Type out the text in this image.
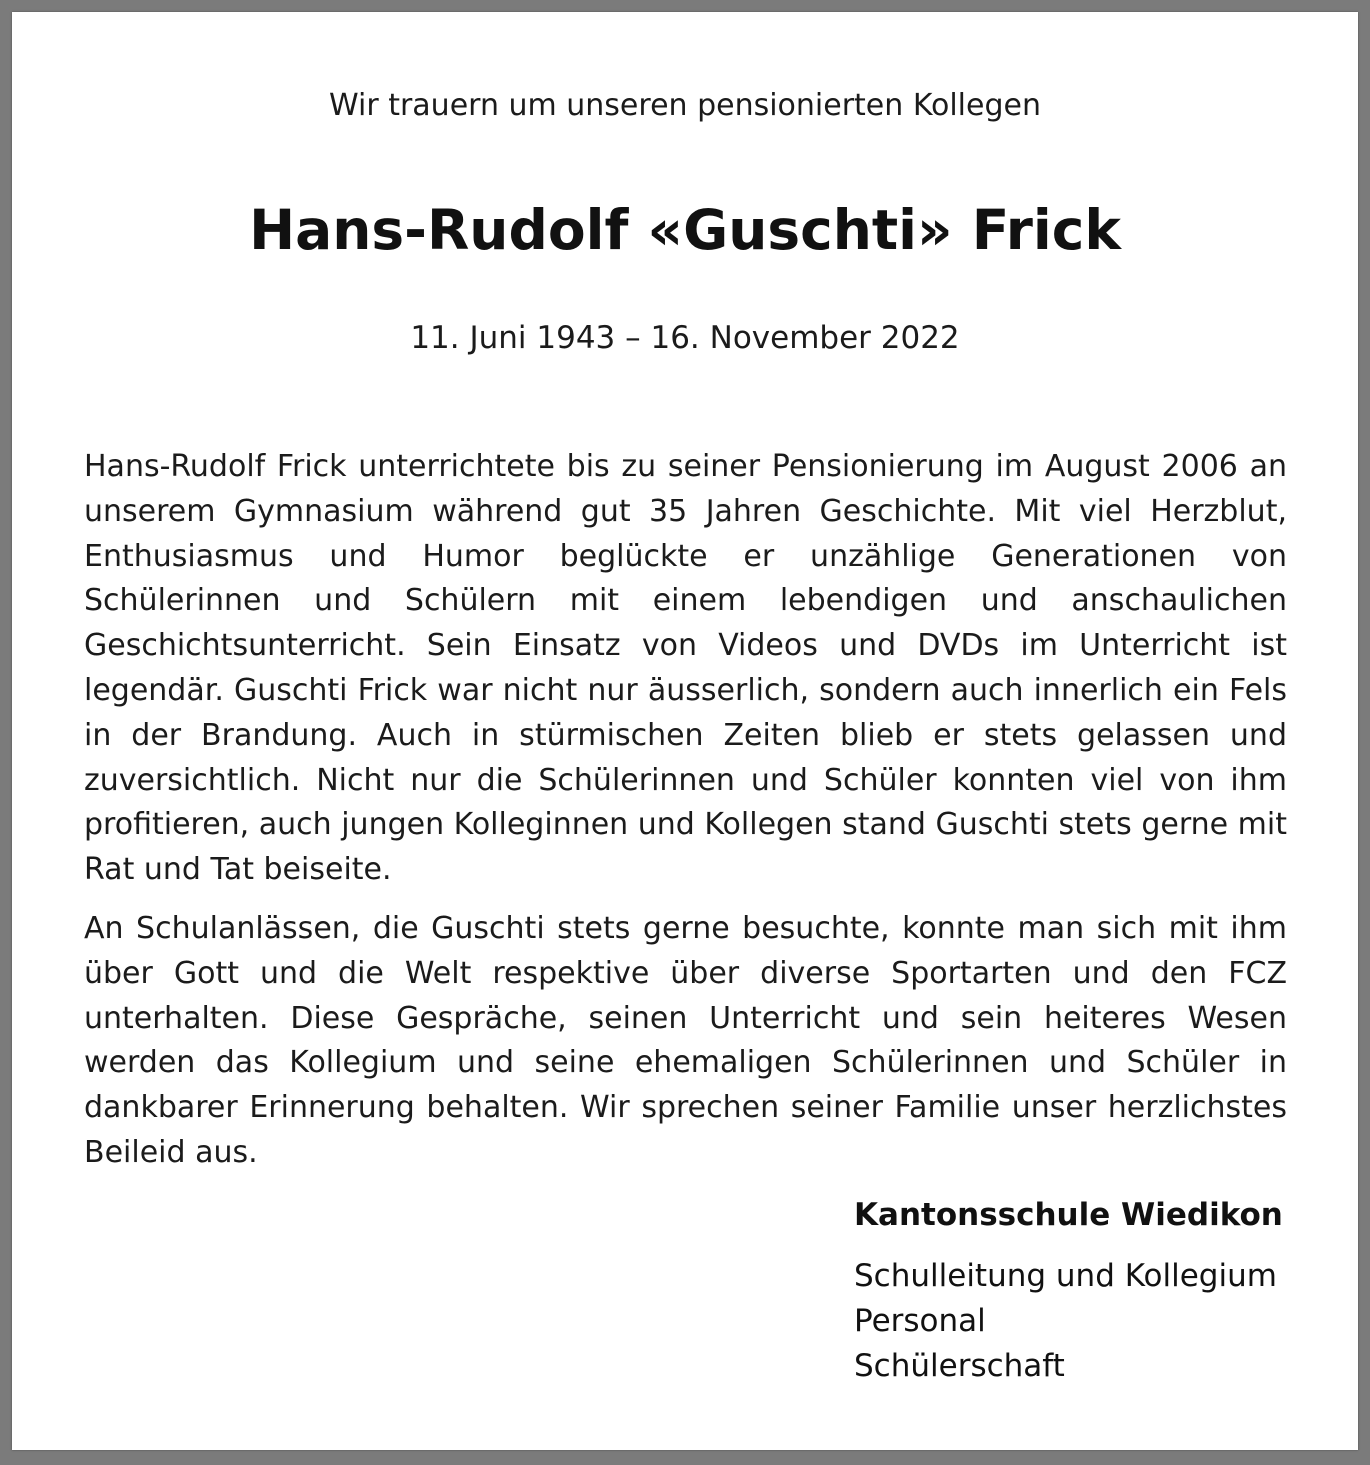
Wir trauern um unseren pensionierten Kollegen
Hans-Rudolf «Guschti» Frick
11. Juni 1943 – 16. November 2022

Hans-Rudolf Frick unterrichtete bis zu seiner Pensionierung im August 2006 an unserem Gymnasium während gut 35 Jahren Geschichte. Mit viel Herzblut, Enthusiasmus und Humor beglückte er unzählige Generationen von Schülerinnen und Schülern mit einem lebendigen und anschaulichen Geschichtsunterricht. Sein Einsatz von Videos und DVDs im Unterricht ist legendär. Guschti Frick war nicht nur äusserlich, sondern auch innerlich ein Fels in der Brandung. Auch in stürmischen Zeiten blieb er stets gelassen und zuversichtlich. Nicht nur die Schülerinnen und Schüler konnten viel von ihm profitieren, auch jungen Kolleginnen und Kollegen stand Guschti stets gerne mit Rat und Tat beiseite.

An Schulanlässen, die Guschti stets gerne besuchte, konnte man sich mit ihm über Gott und die Welt respektive über diverse Sportarten und den FCZ unterhalten. Diese Gespräche, seinen Unterricht und sein heiteres Wesen werden das Kollegium und seine ehemaligen Schülerinnen und Schüler in dankbarer Erinnerung behalten. Wir sprechen seiner Familie unser herzlichstes Beileid aus.

Kantonsschule Wiedikon
Schulleitung und Kollegium
Personal
Schülerschaft
